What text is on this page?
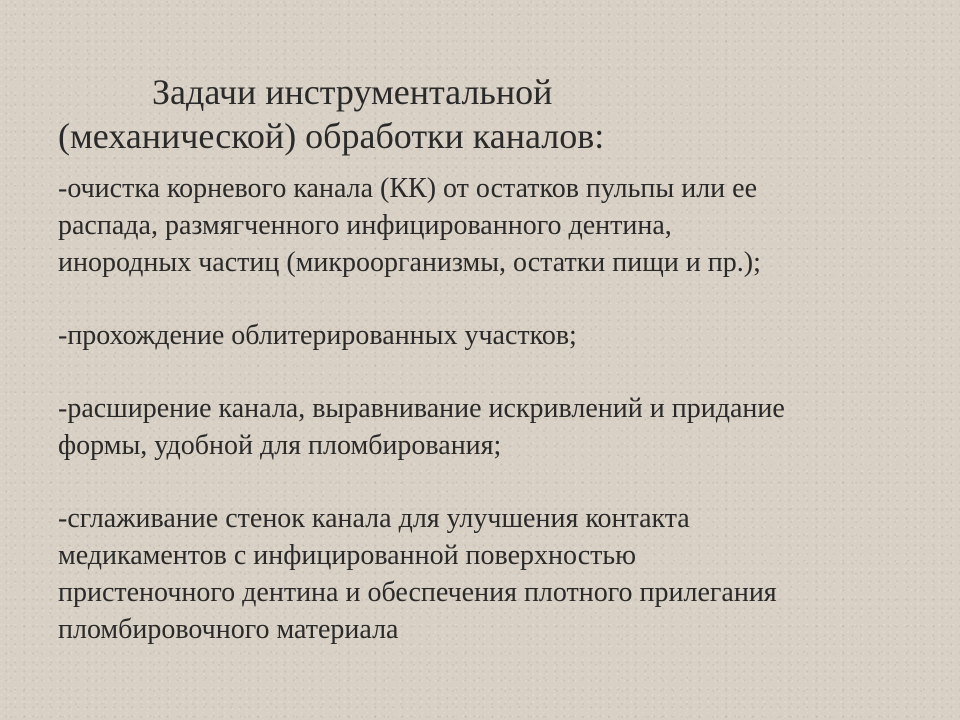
Задачи инструментальной
(механической) обработки каналов:
-очистка корневого канала (КК) от остатков пульпы или ее
распада, размягченного инфицированного дентина,
инородных частиц (микроорганизмы, остатки пищи и пр.);
-прохождение облитерированных участков;
-расширение канала, выравнивание искривлений и придание
формы, удобной для пломбирования;
-сглаживание стенок канала для улучшения контакта
медикаментов с инфицированной поверхностью
пристеночного дентина и обеспечения плотного прилегания
пломбировочного материала
